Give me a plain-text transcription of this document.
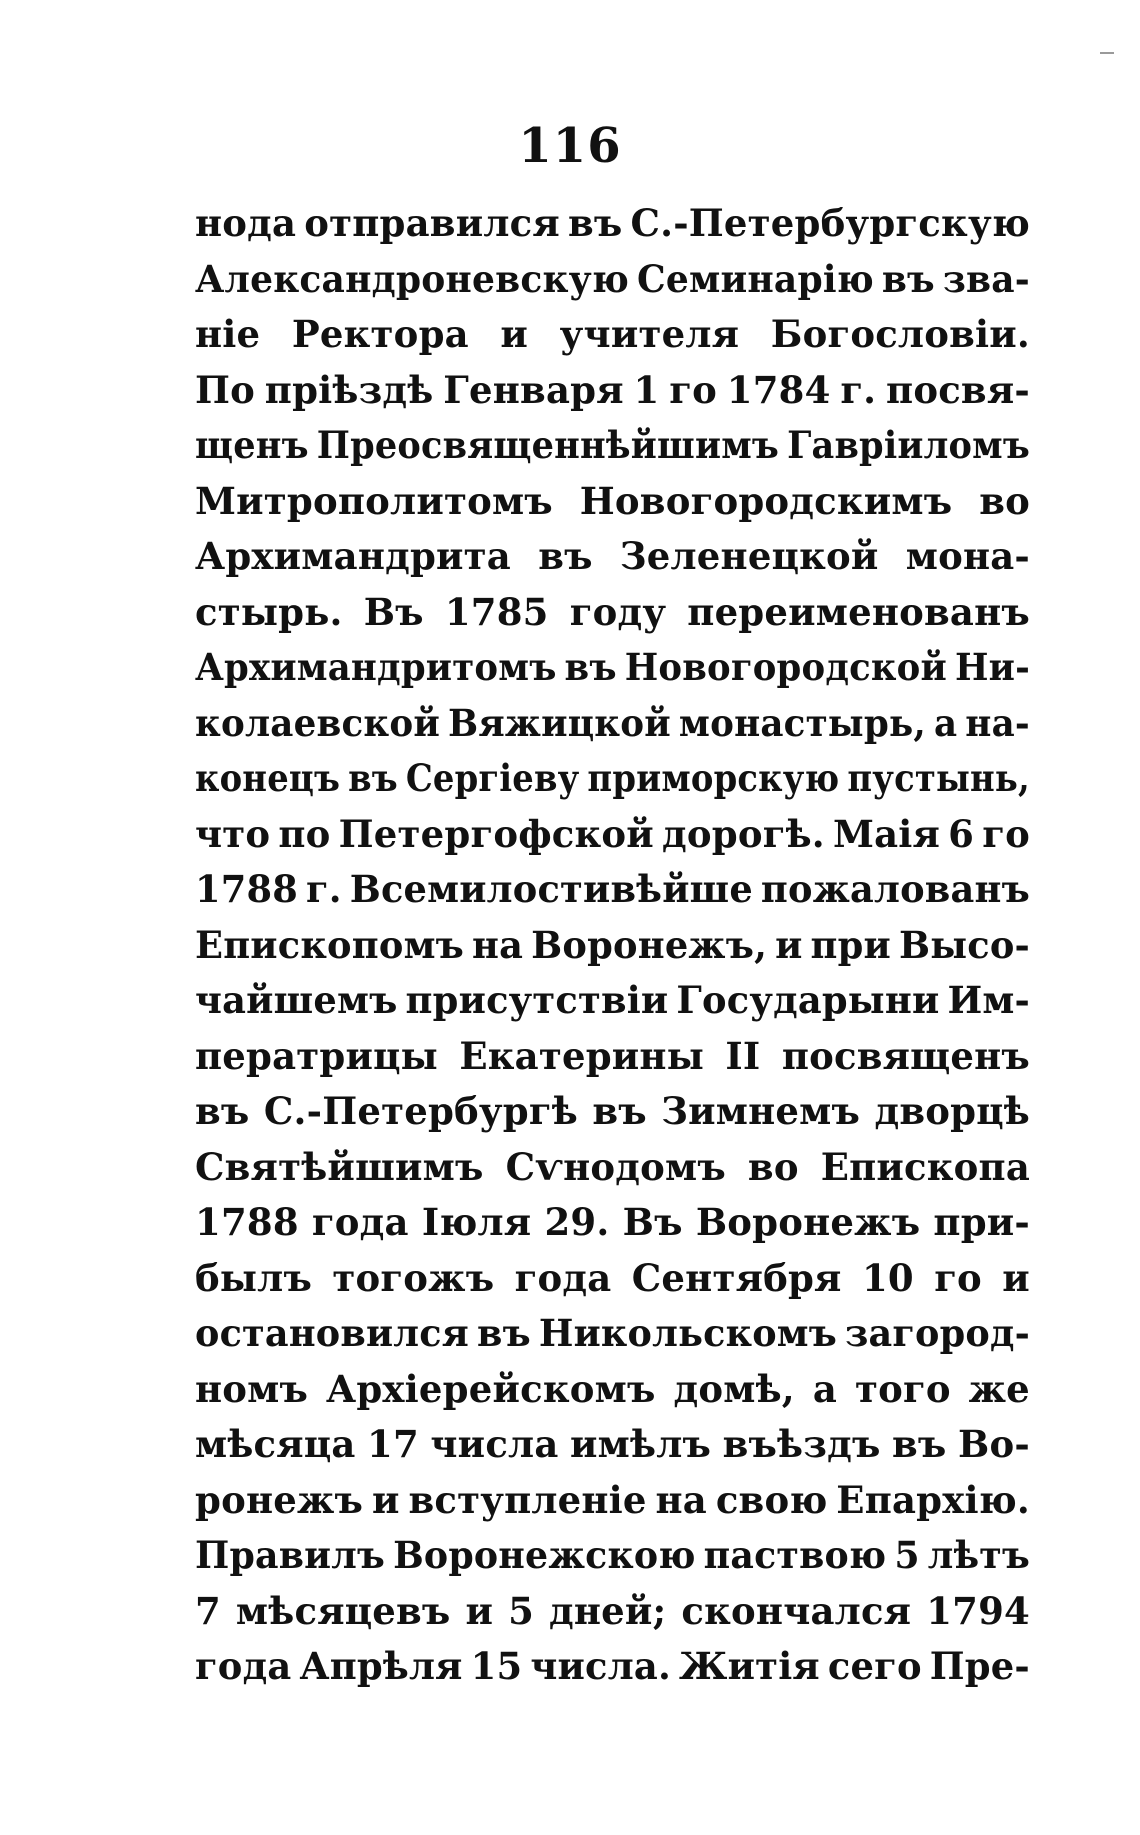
116
нода отправился въ С.-Петербургскую
Александроневскую Семинарію въ зва-
ніе Ректора и учителя Богословіи.
По пріѣздѣ Генваря 1 го 1784 г. посвя-
щенъ Преосвященнѣйшимъ Гавріиломъ
Митрополитомъ Новогородскимъ во
Архимандрита въ Зеленецкой мона-
стырь. Въ 1785 году переименованъ
Архимандритомъ въ Новогородской Ни-
колаевской Вяжицкой монастырь, а на-
конецъ въ Сергіеву приморскую пустынь,
что по Петергофской дорогѣ. Маія 6 го
1788 г. Всемилостивѣйше пожалованъ
Епископомъ на Воронежъ, и при Высо-
чайшемъ присутствіи Государыни Им-
ператрицы Екатерины II посвященъ
въ С.-Петербургѣ въ Зимнемъ дворцѣ
Святѣйшимъ Сѵнодомъ во Епископа
1788 года Іюля 29. Въ Воронежъ при-
былъ тогожъ года Сентября 10 го и
остановился въ Никольскомъ загород-
номъ Архіерейскомъ домѣ, а того же
мѣсяца 17 числа имѣлъ въѣздъ въ Во-
ронежъ и вступленіе на свою Епархію.
Правилъ Воронежскою паствою 5 лѣтъ
7 мѣсяцевъ и 5 дней; скончался 1794
года Апрѣля 15 числа. Житія сего Пре-
